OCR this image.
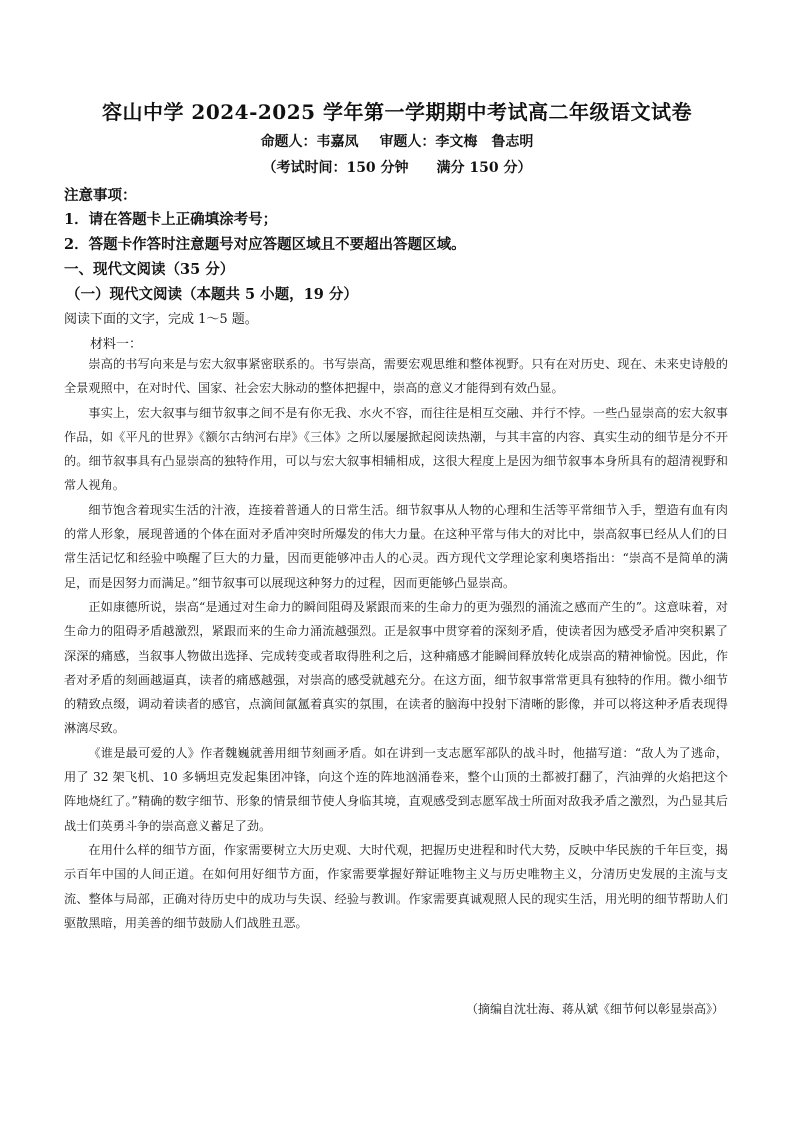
容山中学 2024-2025 学年第一学期期中考试高二年级语文试卷
命题人：韦嘉凤 审题人：李文梅　鲁志明
（考试时间：150 分钟　　满分 150 分）
注意事项：
1．请在答题卡上正确填涂考号；
2．答题卡作答时注意题号对应答题区域且不要超出答题区域。
一、现代文阅读（35 分）
（一）现代文阅读（本题共 5 小题，19 分）
阅读下面的文字，完成 1～5 题。
材料一：

崇高的书写向来是与宏大叙事紧密联系的。书写崇高，需要宏观思维和整体视野。只有在对历史、现在、未来史诗般的全景观照中，在对时代、国家、社会宏大脉动的整体把握中，崇高的意义才能得到有效凸显。

事实上，宏大叙事与细节叙事之间不是有你无我、水火不容，而往往是相互交融、并行不悖。一些凸显崇高的宏大叙事作品，如《平凡的世界》《额尔古纳河右岸》《三体》之所以屡屡掀起阅读热潮，与其丰富的内容、真实生动的细节是分不开的。细节叙事具有凸显崇高的独特作用，可以与宏大叙事相辅相成，这很大程度上是因为细节叙事本身所具有的超清视野和常人视角。

细节饱含着现实生活的汁液，连接着普通人的日常生活。细节叙事从人物的心理和生活等平常细节入手，塑造有血有肉的常人形象，展现普通的个体在面对矛盾冲突时所爆发的伟大力量。在这种平常与伟大的对比中，崇高叙事已经从人们的日常生活记忆和经验中唤醒了巨大的力量，因而更能够冲击人的心灵。西方现代文学理论家利奥塔指出：“崇高不是简单的满足，而是因努力而满足。”细节叙事可以展现这种努力的过程，因而更能够凸显崇高。

正如康德所说，崇高“是通过对生命力的瞬间阻碍及紧跟而来的生命力的更为强烈的涌流之感而产生的”。这意味着，对生命力的阻碍矛盾越激烈，紧跟而来的生命力涌流越强烈。正是叙事中贯穿着的深刻矛盾，使读者因为感受矛盾冲突积累了深深的痛感，当叙事人物做出选择、完成转变或者取得胜利之后，这种痛感才能瞬间释放转化成崇高的精神愉悦。因此，作者对矛盾的刻画越逼真，读者的痛感越强，对崇高的感受就越充分。在这方面，细节叙事常常更具有独特的作用。微小细节的精致点缀，调动着读者的感官，点滴间氤氲着真实的氛围，在读者的脑海中投射下清晰的影像，并可以将这种矛盾表现得淋漓尽致。

《谁是最可爱的人》作者魏巍就善用细节刻画矛盾。如在讲到一支志愿军部队的战斗时，他描写道：“敌人为了逃命，用了 32 架飞机、10 多辆坦克发起集团冲锋，向这个连的阵地汹涌卷来，整个山顶的土都被打翻了，汽油弹的火焰把这个阵地烧红了。”精确的数字细节、形象的情景细节使人身临其境，直观感受到志愿军战士所面对敌我矛盾之激烈，为凸显其后战士们英勇斗争的崇高意义蓄足了劲。

在用什么样的细节方面，作家需要树立大历史观、大时代观，把握历史进程和时代大势，反映中华民族的千年巨变，揭示百年中国的人间正道。在如何用好细节方面，作家需要掌握好辩证唯物主义与历史唯物主义，分清历史发展的主流与支流、整体与局部，正确对待历史中的成功与失误、经验与教训。作家需要真诚观照人民的现实生活，用光明的细节帮助人们驱散黑暗，用美善的细节鼓励人们战胜丑恶。

（摘编自沈壮海、蒋从斌《细节何以彰显崇高》）
